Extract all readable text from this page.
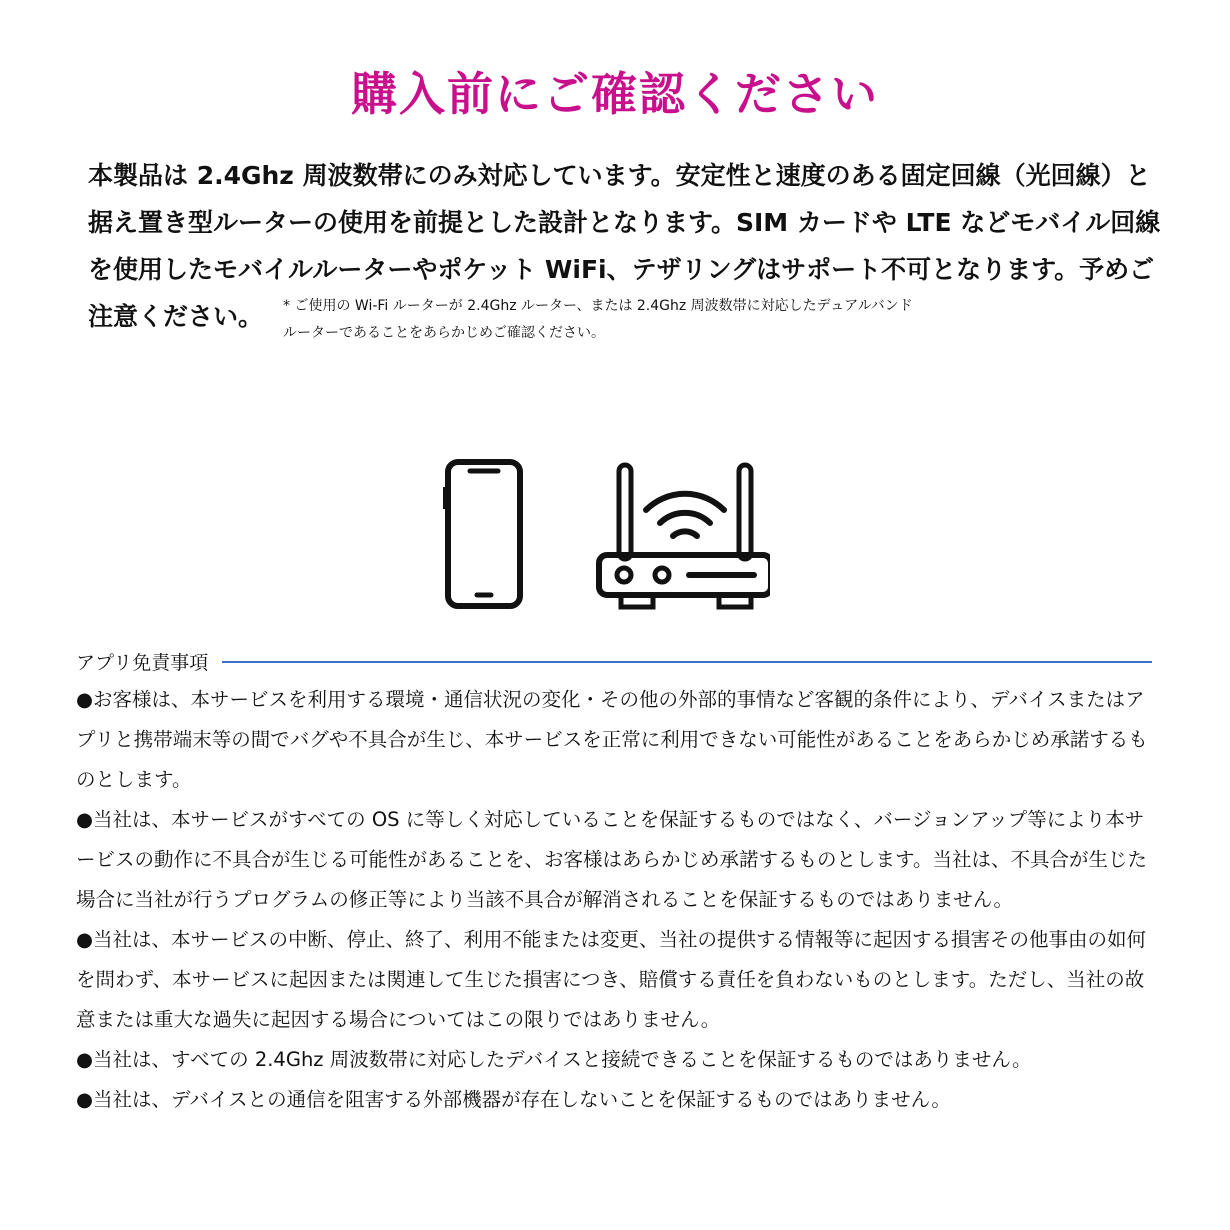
購入前にご確認ください
本製品は 2.4Ghz 周波数帯にのみ対応しています。安定性と速度のある固定回線（光回線）と据え置き型ルーターの使用を前提とした設計となります。SIM カードや LTE などモバイル回線を使用したモバイルルーターやポケット WiFi、テザリングはサポート不可となります。予めご注意ください。 * ご使用の Wi-Fi ルーターが 2.4Ghz ルーター、または 2.4Ghz 周波数帯に対応したデュアルバンドルーターであることをあらかじめご確認ください。
アプリ免責事項

●お客様は、本サービスを利用する環境・通信状況の変化・その他の外部的事情など客観的条件により、デバイスまたはアプリと携帯端末等の間でバグや不具合が生じ、本サービスを正常に利用できない可能性があることをあらかじめ承諾するものとします。

●当社は、本サービスがすべての OS に等しく対応していることを保証するものではなく、バージョンアップ等により本サービスの動作に不具合が生じる可能性があることを、お客様はあらかじめ承諾するものとします。当社は、不具合が生じた場合に当社が行うプログラムの修正等により当該不具合が解消されることを保証するものではありません。

●当社は、本サービスの中断、停止、終了、利用不能または変更、当社の提供する情報等に起因する損害その他事由の如何を問わず、本サービスに起因または関連して生じた損害につき、賠償する責任を負わないものとします。ただし、当社の故意または重大な過失に起因する場合についてはこの限りではありません。

●当社は、すべての 2.4Ghz 周波数帯に対応したデバイスと接続できることを保証するものではありません。

●当社は、デバイスとの通信を阻害する外部機器が存在しないことを保証するものではありません。
